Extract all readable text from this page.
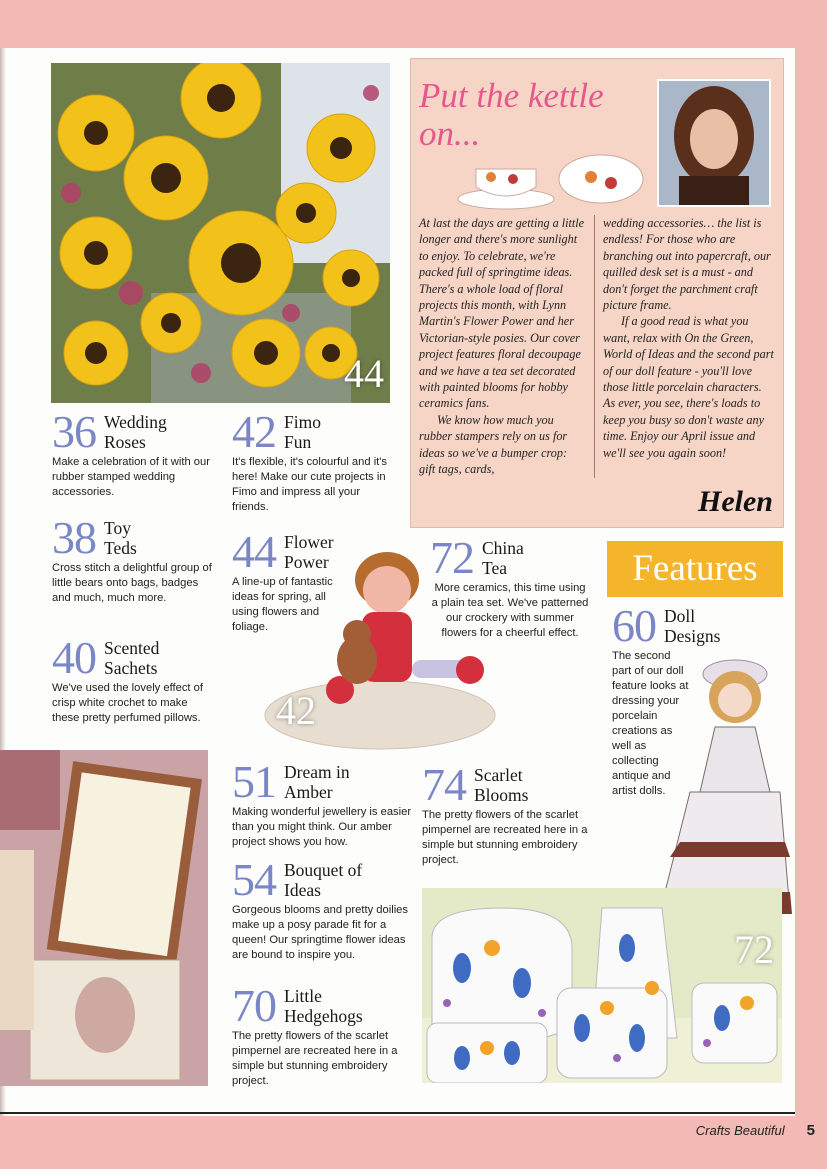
44
Put the kettle on...

At last the days are getting a little longer and there's more sunlight to enjoy. To celebrate, we're packed full of springtime ideas. There's a whole load of floral projects this month, with Lynn Martin's Flower Power and her Victorian-style posies. Our cover project features floral decoupage and we have a tea set decorated with painted blooms for hobby ceramics fans.

We know how much you rubber stampers rely on us for ideas so we've a bumper crop: gift tags, cards,

wedding accessories… the list is endless! For those who are branching out into papercraft, our quilled desk set is a must - and don't forget the parchment craft picture frame.

If a good read is what you want, relax with On the Green, World of Ideas and the second part of our doll feature - you'll love those little porcelain characters. As ever, you see, there's loads to keep you busy so don't waste any time. Enjoy our April issue and we'll see you again soon!

Helen
36 Wedding Roses
Make a celebration of it with our rubber stamped wedding accessories.
38 Toy Teds
Cross stitch a delightful group of little bears onto bags, badges and much, much more.
40 Scented Sachets
We've used the lovely effect of crisp white crochet to make these pretty perfumed pillows.
42 Fimo Fun
It's flexible, it's colourful and it's here! Make our cute projects in Fimo and impress all your friends.
44 Flower Power
A line-up of fantastic ideas for spring, all using flowers and foliage.
42
72 China Tea
More ceramics, this time using a plain tea set. We've patterned our crockery with summer flowers for a cheerful effect.
Features
60 Doll Designs
The second part of our doll feature looks at dressing your porcelain creations as well as collecting antique and artist dolls.
51 Dream in Amber
Making wonderful jewellery is easier than you might think. Our amber project shows you how.
54 Bouquet of Ideas
Gorgeous blooms and pretty doilies make up a posy parade fit for a queen! Our springtime flower ideas are bound to inspire you.
70 Little Hedgehogs
The pretty flowers of the scarlet pimpernel are recreated here in a simple but stunning embroidery project.
74 Scarlet Blooms
The pretty flowers of the scarlet pimpernel are recreated here in a simple but stunning embroidery project.
72
Crafts Beautiful 5
